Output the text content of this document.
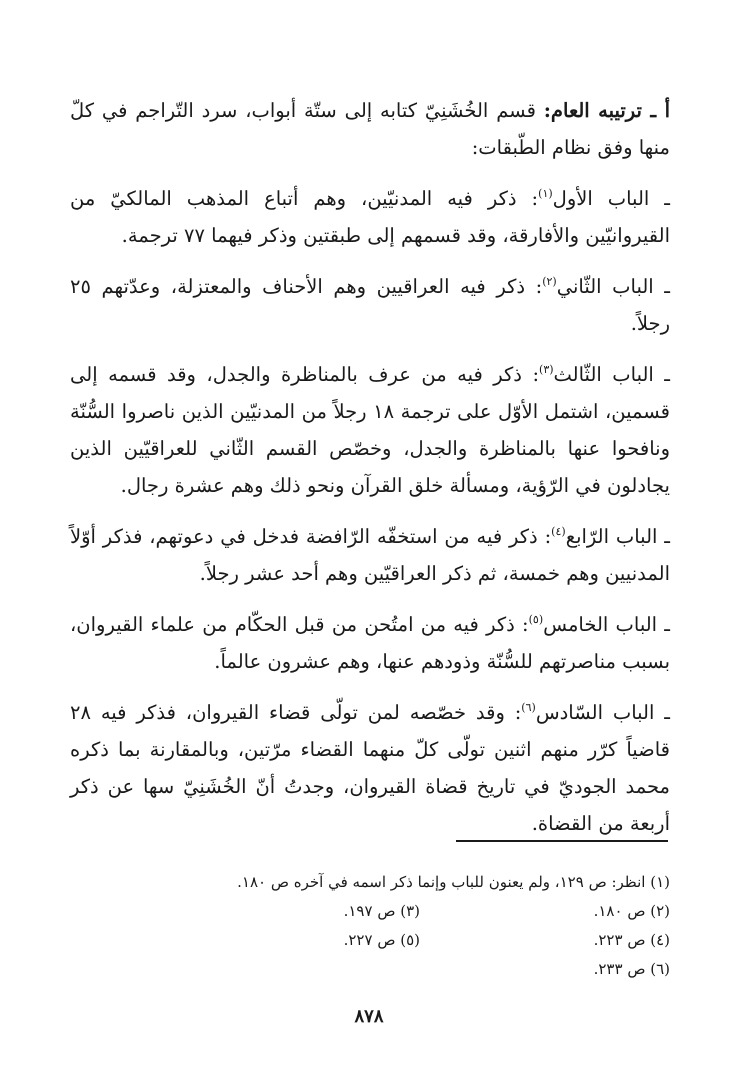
أ ـ ترتيبه العام: قسم الخُشَنِيّ كتابه إلى ستّة أبواب، سرد التّراجم في كلّ منها وفق نظام الطّبقات:

ـ الباب الأول$^{(١)}$: ذكر فيه المدنيّين، وهم أتباع المذهب المالكيّ من القيروانيّين والأفارقة، وقد قسمهم إلى طبقتين وذكر فيهما ٧٧ ترجمة.

ـ الباب الثّاني$^{(٢)}$: ذكر فيه العراقيين وهم الأحناف والمعتزلة، وعدّتهم ٢٥ رجلاً.

ـ الباب الثّالث$^{(٣)}$: ذكر فيه من عرف بالمناظرة والجدل، وقد قسمه إلى قسمين، اشتمل الأوّل على ترجمة ١٨ رجلاً من المدنيّين الذين ناصروا السُّنّة ونافحوا عنها بالمناظرة والجدل، وخصّص القسم الثّاني للعراقيّين الذين يجادلون في الرّؤية، ومسألة خلق القرآن ونحو ذلك وهم عشرة رجال.

ـ الباب الرّابع$^{(٤)}$: ذكر فيه من استخفّه الرّافضة فدخل في دعوتهم، فذكر أوّلاً المدنيين وهم خمسة، ثم ذكر العراقيّين وهم أحد عشر رجلاً.

ـ الباب الخامس$^{(٥)}$: ذكر فيه من امتُحن من قبل الحكّام من علماء القيروان، بسبب مناصرتهم للسُّنّة وذودهم عنها، وهم عشرون عالماً.

ـ الباب السّادس$^{(٦)}$: وقد خصّصه لمن تولّى قضاء القيروان، فذكر فيه ٢٨ قاضياً كرّر منهم اثنين تولّى كلّ منهما القضاء مرّتين، وبالمقارنة بما ذكره محمد الجوديّ في تاريخ قضاة القيروان، وجدتُ أنّ الخُشَنِيّ سها عن ذكر أربعة من القضاة.

(١) انظر: ص ١٢٩، ولم يعنون للباب وإنما ذكر اسمه في آخره ص ١٨٠.
(٢) ص ١٨٠.
(٣) ص ١٩٧.
(٤) ص ٢٢٣.
(٥) ص ٢٢٧.
(٦) ص ٢٣٣.
٨٧٨
